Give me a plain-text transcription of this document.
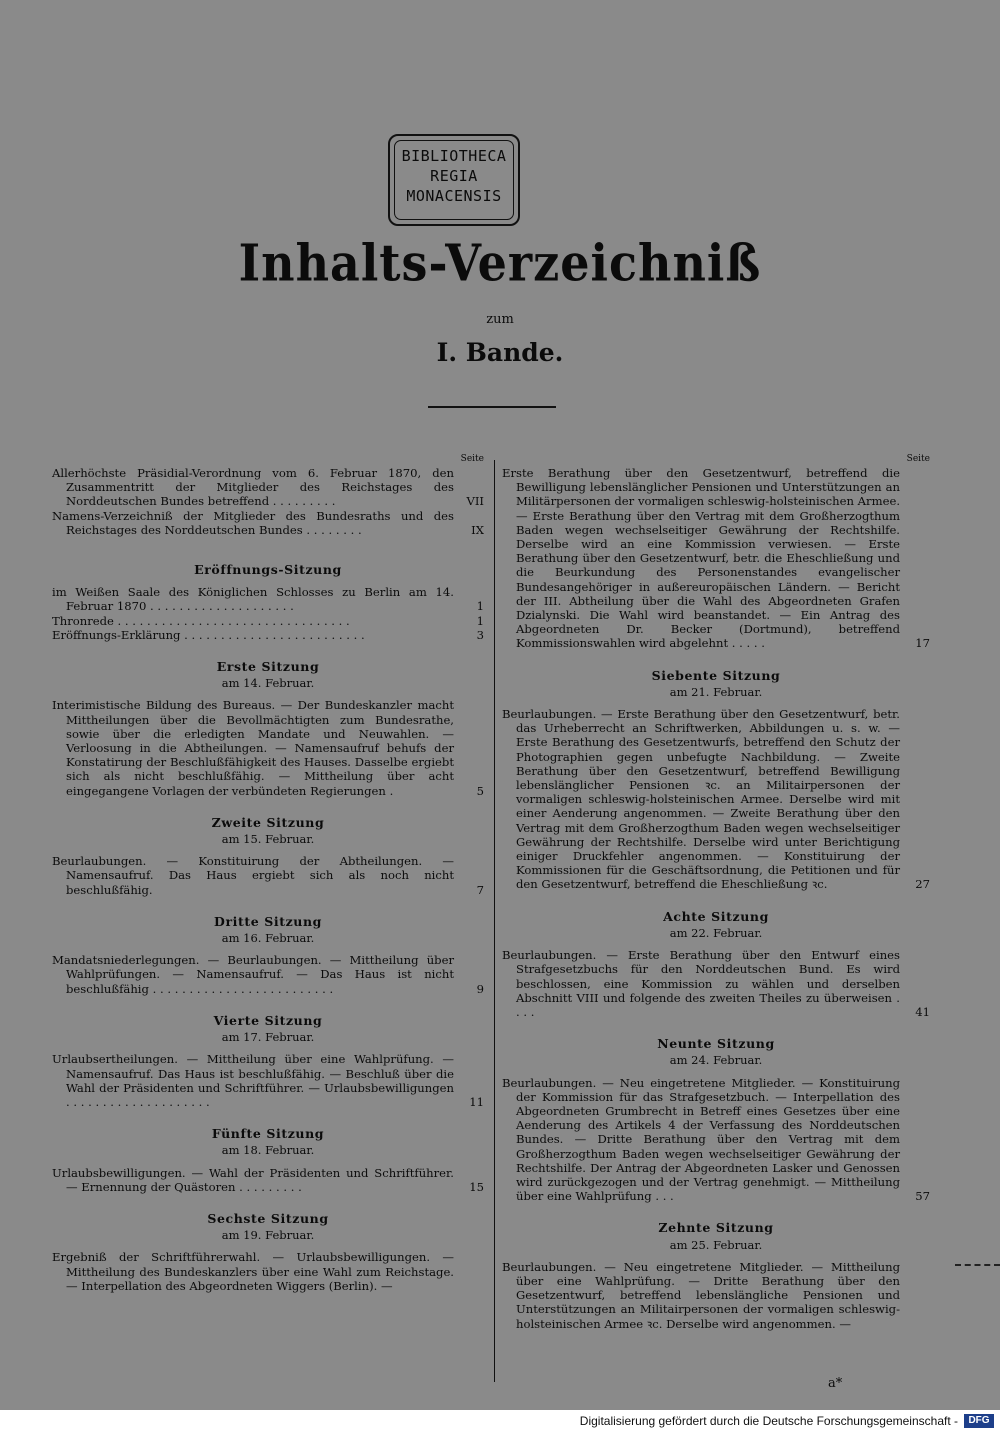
BIBLIOTHECA
REGIA
MONACENSIS
Inhalts-Verzeichniß
zum
I. Bande.
Seite
Allerhöchste Präsidial-Verordnung vom 6. Februar 1870, den Zusammentritt der Mitglieder des Reichstages des Norddeutschen Bundes betreffend . . . . . . . . .	VII
Namens-Verzeichniß der Mitglieder des Bundesraths und des Reichstages des Norddeutschen Bundes . . . . . . . .	IX
Eröffnungs-Sitzung
im Weißen Saale des Königlichen Schlosses zu Berlin am 14. Februar 1870 . . . . . . . . . . . . . . . . . . . .	1
Thronrede . . . . . . . . . . . . . . . . . . . . . . . . . . . . . . . .	1
Eröffnungs-Erklärung . . . . . . . . . . . . . . . . . . . . . . . . .	3
Erste Sitzung
am 14. Februar.
Interimistische Bildung des Bureaus. — Der Bundeskanzler macht Mittheilungen über die Bevollmächtigten zum Bundesrathe, sowie über die erledigten Mandate und Neuwahlen. — Verloosung in die Abtheilungen. — Namensaufruf behufs der Konstatirung der Beschlußfähigkeit des Hauses. Dasselbe ergiebt sich als nicht beschlußfähig. — Mittheilung über acht eingegangene Vorlagen der verbündeten Regierungen .	5
Zweite Sitzung
am 15. Februar.
Beurlaubungen. — Konstituirung der Abtheilungen. — Namensaufruf. Das Haus ergiebt sich als noch nicht beschlußfähig.	7
Dritte Sitzung
am 16. Februar.
Mandatsniederlegungen. — Beurlaubungen. — Mittheilung über Wahlprüfungen. — Namensaufruf. — Das Haus ist nicht beschlußfähig . . . . . . . . . . . . . . . . . . . . . . . . .	9
Vierte Sitzung
am 17. Februar.
Urlaubsertheilungen. — Mittheilung über eine Wahlprüfung. — Namensaufruf. Das Haus ist beschlußfähig. — Beschluß über die Wahl der Präsidenten und Schriftführer. — Urlaubsbewilligungen . . . . . . . . . . . . . . . . . . . .	11
Fünfte Sitzung
am 18. Februar.
Urlaubsbewilligungen. — Wahl der Präsidenten und Schriftführer. — Ernennung der Quästoren . . . . . . . . .	15
Sechste Sitzung
am 19. Februar.
Ergebniß der Schriftführerwahl. — Urlaubsbewilligungen. — Mittheilung des Bundeskanzlers über eine Wahl zum Reichstage. — Interpellation des Abgeordneten Wiggers (Berlin). —
Seite
Erste Berathung über den Gesetzentwurf, betreffend die Bewilligung lebenslänglicher Pensionen und Unterstützungen an Militärpersonen der vormaligen schleswig-holsteinischen Armee. — Erste Berathung über den Vertrag mit dem Großherzogthum Baden wegen wechselseitiger Gewährung der Rechtshilfe. Derselbe wird an eine Kommission verwiesen. — Erste Berathung über den Gesetzentwurf, betr. die Eheschließung und die Beurkundung des Personenstandes evangelischer Bundesangehöriger in außereuropäischen Ländern. — Bericht der III. Abtheilung über die Wahl des Abgeordneten Grafen Dzialynski. Die Wahl wird beanstandet. — Ein Antrag des Abgeordneten Dr. Becker (Dortmund), betreffend Kommissionswahlen wird abgelehnt . . . . .	17
Siebente Sitzung
am 21. Februar.
Beurlaubungen. — Erste Berathung über den Gesetzentwurf, betr. das Urheberrecht an Schriftwerken, Abbildungen u. s. w. — Erste Berathung des Gesetzentwurfs, betreffend den Schutz der Photographien gegen unbefugte Nachbildung. — Zweite Berathung über den Gesetzentwurf, betreffend Bewilligung lebenslänglicher Pensionen ꝛc. an Militairpersonen der vormaligen schleswig-holsteinischen Armee. Derselbe wird mit einer Aenderung angenommen. — Zweite Berathung über den Vertrag mit dem Großherzogthum Baden wegen wechselseitiger Gewährung der Rechtshilfe. Derselbe wird unter Berichtigung einiger Druckfehler angenommen. — Konstituirung der Kommissionen für die Geschäftsordnung, die Petitionen und für den Gesetzentwurf, betreffend die Eheschließung ꝛc.	27
Achte Sitzung
am 22. Februar.
Beurlaubungen. — Erste Berathung über den Entwurf eines Strafgesetzbuchs für den Norddeutschen Bund. Es wird beschlossen, eine Kommission zu wählen und derselben Abschnitt VIII und folgende des zweiten Theiles zu überweisen . . . .	41
Neunte Sitzung
am 24. Februar.
Beurlaubungen. — Neu eingetretene Mitglieder. — Konstituirung der Kommission für das Strafgesetzbuch. — Interpellation des Abgeordneten Grumbrecht in Betreff eines Gesetzes über eine Aenderung des Artikels 4 der Verfassung des Norddeutschen Bundes. — Dritte Berathung über den Vertrag mit dem Großherzogthum Baden wegen wechselseitiger Gewährung der Rechtshilfe. Der Antrag der Abgeordneten Lasker und Genossen wird zurückgezogen und der Vertrag genehmigt. — Mittheilung über eine Wahlprüfung . . .	57
Zehnte Sitzung
am 25. Februar.
Beurlaubungen. — Neu eingetretene Mitglieder. — Mittheilung über eine Wahlprüfung. — Dritte Berathung über den Gesetzentwurf, betreffend lebenslängliche Pensionen und Unterstützungen an Militairpersonen der vormaligen schleswig-holsteinischen Armee ꝛc. Derselbe wird angenommen. —
a*
Digitalisierung gefördert durch die Deutsche Forschungsgemeinschaft -	DFG
